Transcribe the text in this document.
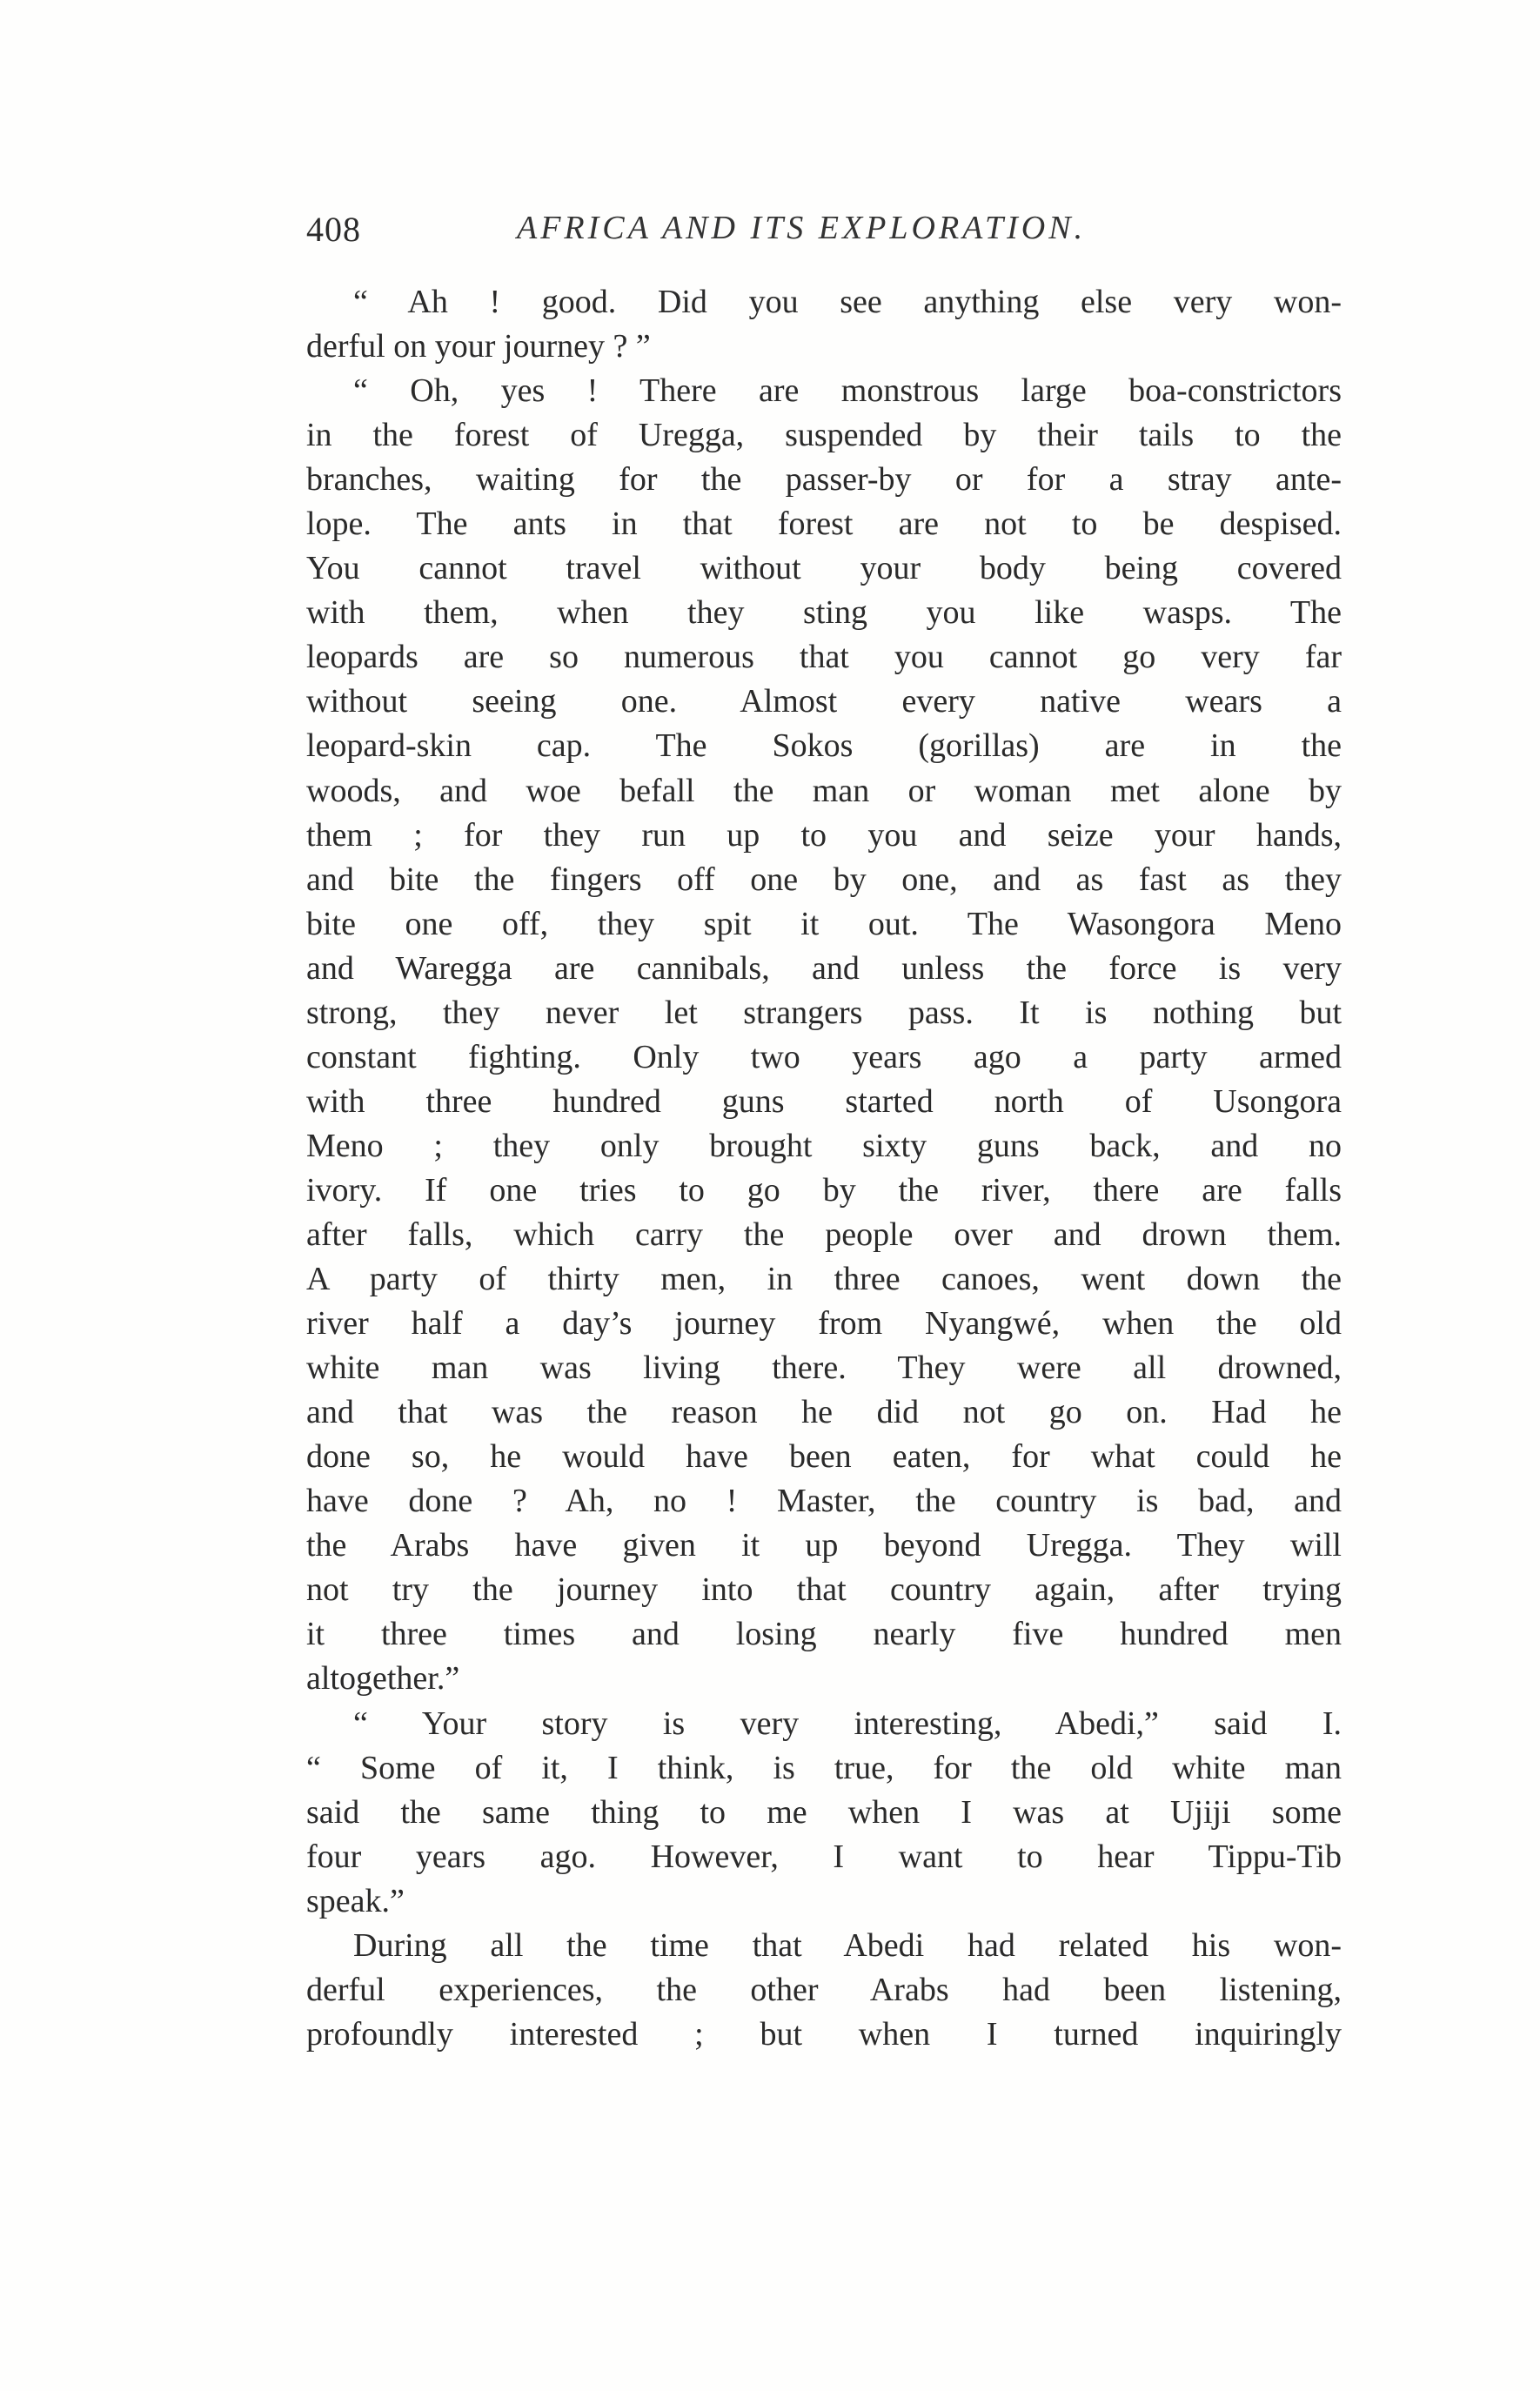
408	AFRICA AND ITS EXPLORATION.
“ Ah ! good. Did you see anything else very won-
derful on your journey ? ”
“ Oh, yes ! There are monstrous large boa-constrictors
in the forest of Uregga, suspended by their tails to the
branches, waiting for the passer-by or for a stray ante-
lope. The ants in that forest are not to be despised.
You cannot travel without your body being covered
with them, when they sting you like wasps. The
leopards are so numerous that you cannot go very far
without seeing one. Almost every native wears a
leopard-skin cap. The Sokos (gorillas) are in the
woods, and woe befall the man or woman met alone by
them ; for they run up to you and seize your hands,
and bite the fingers off one by one, and as fast as they
bite one off, they spit it out. The Wasongora Meno
and Waregga are cannibals, and unless the force is very
strong, they never let strangers pass. It is nothing but
constant fighting. Only two years ago a party armed
with three hundred guns started north of Usongora
Meno ; they only brought sixty guns back, and no
ivory. If one tries to go by the river, there are falls
after falls, which carry the people over and drown them.
A party of thirty men, in three canoes, went down the
river half a day’s journey from Nyangwé, when the old
white man was living there. They were all drowned,
and that was the reason he did not go on. Had he
done so, he would have been eaten, for what could he
have done ? Ah, no ! Master, the country is bad, and
the Arabs have given it up beyond Uregga. They will
not try the journey into that country again, after trying
it three times and losing nearly five hundred men
altogether.”
“ Your story is very interesting, Abedi,” said I.
“ Some of it, I think, is true, for the old white man
said the same thing to me when I was at Ujiji some
four years ago. However, I want to hear Tippu-Tib
speak.”
During all the time that Abedi had related his won-
derful experiences, the other Arabs had been listening,
profoundly interested ; but when I turned inquiringly
